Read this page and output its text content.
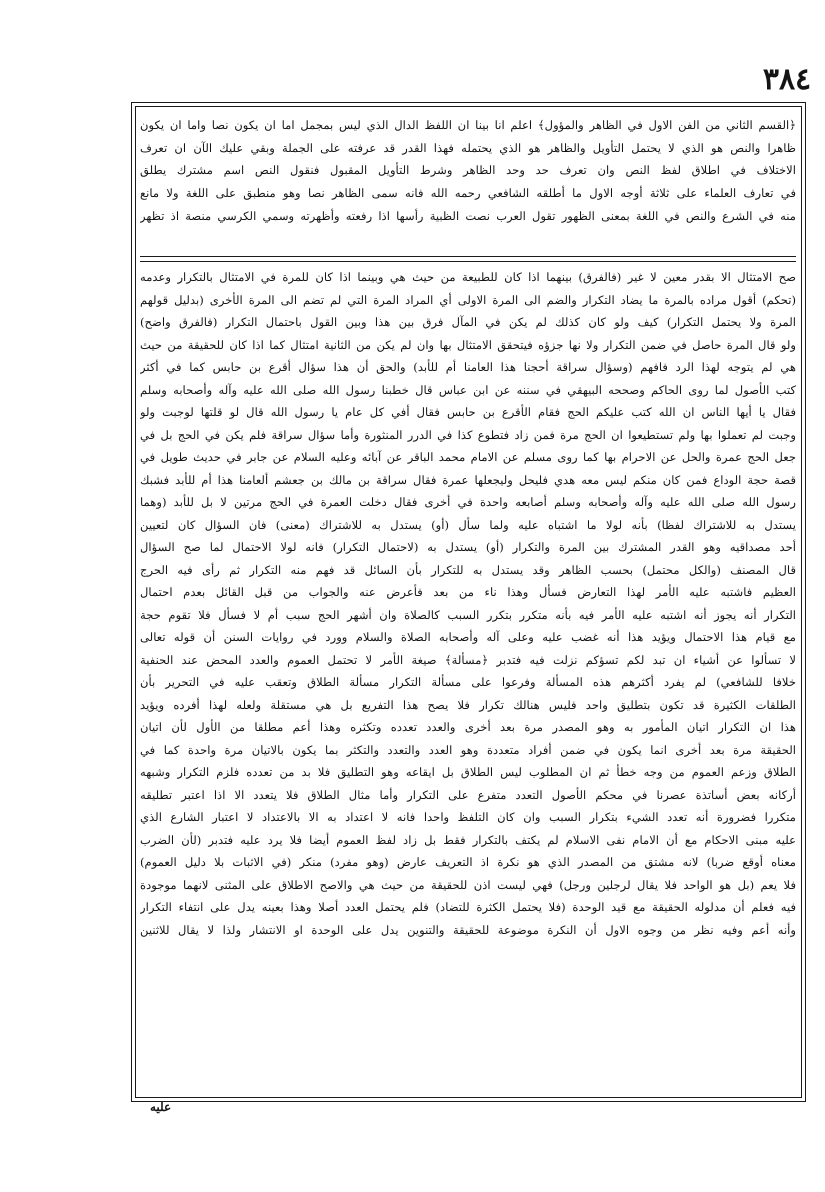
٣٨٤
﴿القسم الثاني من الفن الاول في الظاهر والمؤول﴾ اعلم انا بينا ان اللفظ الدال الذي ليس بمجمل اما ان يكون نصا واما ان يكون
ظاهرا والنص هو الذي لا يحتمل التأويل والظاهر هو الذي يحتمله فهذا القدر قد عرفته على الجملة وبقي عليك الآن ان تعرف
الاختلاف في اطلاق لفظ النص وان تعرف حد وحد الظاهر وشرط التأويل المقبول فنقول النص اسم مشترك يطلق
في تعارف العلماء على ثلاثة أوجه الاول ما أطلقه الشافعي رحمه الله فانه سمى الظاهر نصا وهو منطبق على اللغة ولا مانع
منه في الشرع والنص في اللغة بمعنى الظهور تقول العرب نصت الظبية رأسها اذا رفعته وأظهرته وسمي الكرسي منصة اذ تظهر
صح الامتثال الا بقدر معين لا غير (فالفرق) بينهما اذا كان للطبيعة من حيث هي وبينما اذا كان للمرة في الامتثال بالتكرار وعدمه
(تحكم) أقول مراده بالمرة ما يضاد التكرار والضم الى المرة الاولى أي المراد المرة التي لم تضم الى المرة الأخرى (بدليل قولهم
المرة ولا يحتمل التكرار) كيف ولو كان كذلك لم يكن في المآل فرق بين هذا وبين القول باحتمال التكرار (فالفرق واضح)
ولو قال المرة حاصل في ضمن التكرار ولا نها جزؤه فيتحقق الامتثال بها وان لم يكن من الثانية امتثال كما اذا كان للحقيقة من حيث
هي لم يتوجه لهذا الرد فافهم (وسؤال سراقة أحجنا هذا العامنا أم للأبد) والحق أن هذا سؤال أقرع بن حابس كما في أكثر
كتب الأصول لما روى الحاكم وصححه البيهقي في سننه عن ابن عباس قال خطبنا رسول الله صلى الله عليه وآله وأصحابه وسلم
فقال يا أيها الناس ان الله كتب عليكم الحج فقام الأقرع بن حابس فقال أفي كل عام يا رسول الله قال لو قلتها لوجبت ولو
وجبت لم تعملوا بها ولم تستطيعوا ان الحج مرة فمن زاد فتطوع كذا في الدرر المنثورة وأما سؤال سراقة فلم يكن في الحج بل في
جعل الحج عمرة والحل عن الاحرام بها كما روى مسلم عن الامام محمد الباقر عن آبائه وعليه السلام عن جابر في حديث طويل في
قصة حجة الوداع فمن كان منكم ليس معه هدي فليحل وليجعلها عمرة فقال سراقة بن مالك بن جعشم ألعامنا هذا أم للأبد فشبك
رسول الله صلى الله عليه وآله وأصحابه وسلم أصابعه واحدة في أخرى فقال دخلت العمرة في الحج مرتين لا بل للأبد (وهما
يستدل به للاشتراك لفظا) بأنه لولا ما اشتباه عليه ولما سأل (أو) يستدل به للاشتراك (معنى) فان السؤال كان لتعيين
أحد مصداقيه وهو القدر المشترك بين المرة والتكرار (أو) يستدل به (لاحتمال التكرار) فانه لولا الاحتمال لما صح السؤال
قال المصنف (والكل محتمل) بحسب الظاهر وقد يستدل به للتكرار بأن السائل قد فهم منه التكرار ثم رأى فيه الحرج
العظيم فاشتبه عليه الأمر لهذا التعارض فسأل وهذا ناء من بعد فأعرض عنه والجواب من قبل القائل بعدم احتمال
التكرار أنه يجوز أنه اشتبه عليه الأمر فيه بأنه متكرر بتكرر السبب كالصلاة وان أشهر الحج سبب أم لا فسأل فلا تقوم حجة
مع قيام هذا الاحتمال ويؤيد هذا أنه غضب عليه وعلى آله وأصحابه الصلاة والسلام وورد في روايات السنن أن قوله تعالى
لا تسألوا عن أشياء ان تبد لكم تسؤكم نزلت فيه فتدبر ﴿مسألة﴾ صيغة الأمر لا تحتمل العموم والعدد المحض عند الحنفية
خلافا للشافعي) لم يفرد أكثرهم هذه المسألة وفرعوا على مسألة التكرار مسألة الطلاق وتعقب عليه في التحرير بأن
الطلقات الكثيرة قد تكون بتطليق واحد فليس هنالك تكرار فلا يصح هذا التفريع بل هي مستقلة ولعله لهذا أفرده ويؤيد
هذا ان التكرار اتيان المأمور به وهو المصدر مرة بعد أخرى والعدد تعدده وتكثره وهذا أعم مطلقا من الأول لأن اتيان
الحقيقة مرة بعد أخرى انما يكون في ضمن أفراد متعددة وهو العدد والتعدد والتكثر بما يكون بالاتيان مرة واحدة كما في
الطلاق وزعم العموم من وجه خطأ ثم ان المطلوب ليس الطلاق بل ايقاعه وهو التطليق فلا بد من تعدده فلزم التكرار وشبهه
أركانه بعض أساتذة عصرنا في محكم الأصول التعدد متفرع على التكرار وأما مثال الطلاق فلا يتعدد الا اذا اعتبر تطليقه
متكررا فضرورة أنه تعدد الشيء بتكرار السبب وان كان التلفظ واحدا فانه لا اعتداد به الا بالاعتداد لا اعتبار الشارع الذي
عليه مبنى الاحكام مع أن الامام نفى الاسلام لم يكتف بالتكرار فقط بل زاد لفظ العموم أيضا فلا يرد عليه فتدبر (لأن الضرب
معناه أوقع ضربا) لانه مشتق من المصدر الذي هو نكرة اذ التعريف عارض (وهو مفرد) منكر (في الاثبات بلا دليل العموم)
فلا يعم (بل هو الواحد فلا يقال لرجلين ورجل) فهي ليست اذن للحقيقة من حيث هي والاصح الاطلاق على المثنى لانهما موجودة
فيه فعلم أن مدلوله الحقيقة مع قيد الوحدة (فلا يحتمل الكثرة للتضاد) فلم يحتمل العدد أصلا وهذا بعينه يدل على انتفاء التكرار
وأنه أعم وفيه نظر من وجوه الاول أن النكرة موضوعة للحقيقة والتنوين يدل على الوحدة او الانتشار ولذا لا يقال للاثنين
علیه
